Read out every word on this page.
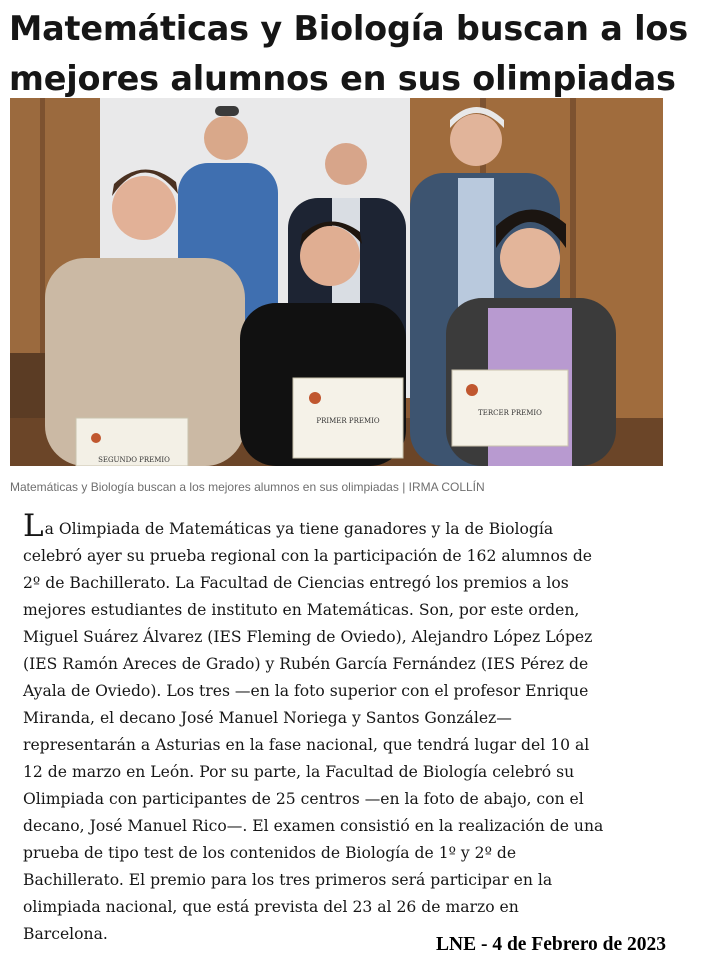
Matemáticas y Biología buscan a los
mejores alumnos en sus olimpiadas
SEGUNDO PREMIO
PRIMER PREMIO
TERCER PREMIO
Matemáticas y Biología buscan a los mejores alumnos en sus olimpiadas | IRMA COLLÍN

La Olimpiada de Matemáticas ya tiene ganadores y la de Biología
celebró ayer su prueba regional con la participación de 162 alumnos de
2º de Bachillerato. La Facultad de Ciencias entregó los premios a los
mejores estudiantes de instituto en Matemáticas. Son, por este orden,
Miguel Suárez Álvarez (IES Fleming de Oviedo), Alejandro López López
(IES Ramón Areces de Grado) y Rubén García Fernández (IES Pérez de
Ayala de Oviedo). Los tres —en la foto superior con el profesor Enrique
Miranda, el decano José Manuel Noriega y Santos González—
representarán a Asturias en la fase nacional, que tendrá lugar del 10 al
12 de marzo en León. Por su parte, la Facultad de Biología celebró su
Olimpiada con participantes de 25 centros —en la foto de abajo, con el
decano, José Manuel Rico—. El examen consistió en la realización de una
prueba de tipo test de los contenidos de Biología de 1º y 2º de
Bachillerato. El premio para los tres primeros será participar en la
olimpiada nacional, que está prevista del 23 al 26 de marzo en
Barcelona.	LNE - 4 de Febrero de 2023
